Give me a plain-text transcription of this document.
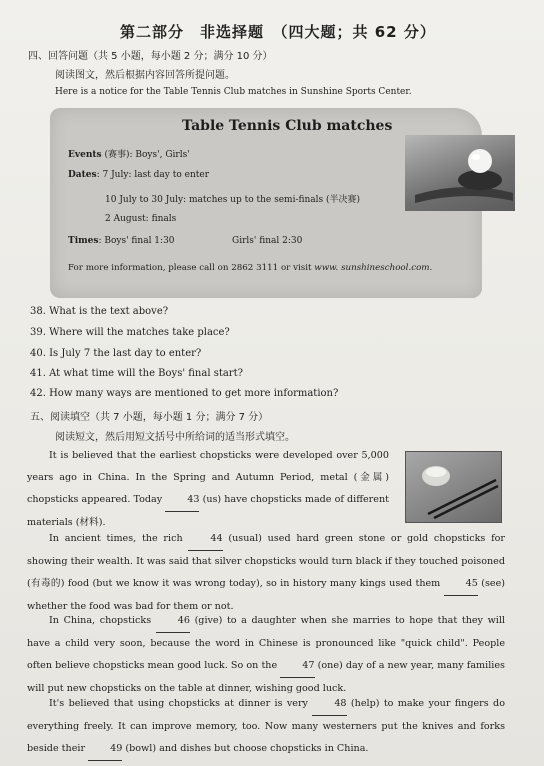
第二部分　非选择题　（四大题；共 62 分）
四、回答问题（共 5 小题，每小题 2 分；满分 10 分）
阅读图文，然后根据内容回答所提问题。
Here is a notice for the Table Tennis Club matches in Sunshine Sports Center.
Table Tennis Club matches
Events (赛事): Boys', Girls'
Dates: 7 July: last day to enter
10 July to 30 July: matches up to the semi-finals (半决赛)
2 August: finals
Times: Boys' final 1:30	Girls' final 2:30
For more information, please call on 2862 3111 or visit www. sunshineschool.com.
38. What is the text above?
39. Where will the matches take place?
40. Is July 7 the last day to enter?
41. At what time will the Boys' final start?
42. How many ways are mentioned to get more information?
五、阅读填空（共 7 小题，每小题 1 分；满分 7 分）
阅读短文，然后用短文括号中所给词的适当形式填空。
It is believed that the earliest chopsticks were developed over 5,000 years ago in China. In the Spring and Autumn Period, metal (金属) chopsticks appeared. Today	43 (us) have chopsticks made of different materials (材料).
In ancient times, the rich	44 (usual) used hard green stone or gold chopsticks for showing their wealth. It was said that silver chopsticks would turn black if they touched poisoned (有毒的) food (but we know it was wrong today), so in history many kings used them	45 (see) whether the food was bad for them or not.
In China, chopsticks	46 (give) to a daughter when she marries to hope that they will have a child very soon, because the word in Chinese is pronounced like "quick child". People often believe chopsticks mean good luck. So on the	47 (one) day of a new year, many families will put new chopsticks on the table at dinner, wishing good luck.
It's believed that using chopsticks at dinner is very	48 (help) to make your fingers do everything freely. It can improve memory, too. Now many westerners put the knives and forks beside their	49 (bowl) and dishes but choose chopsticks in China.
